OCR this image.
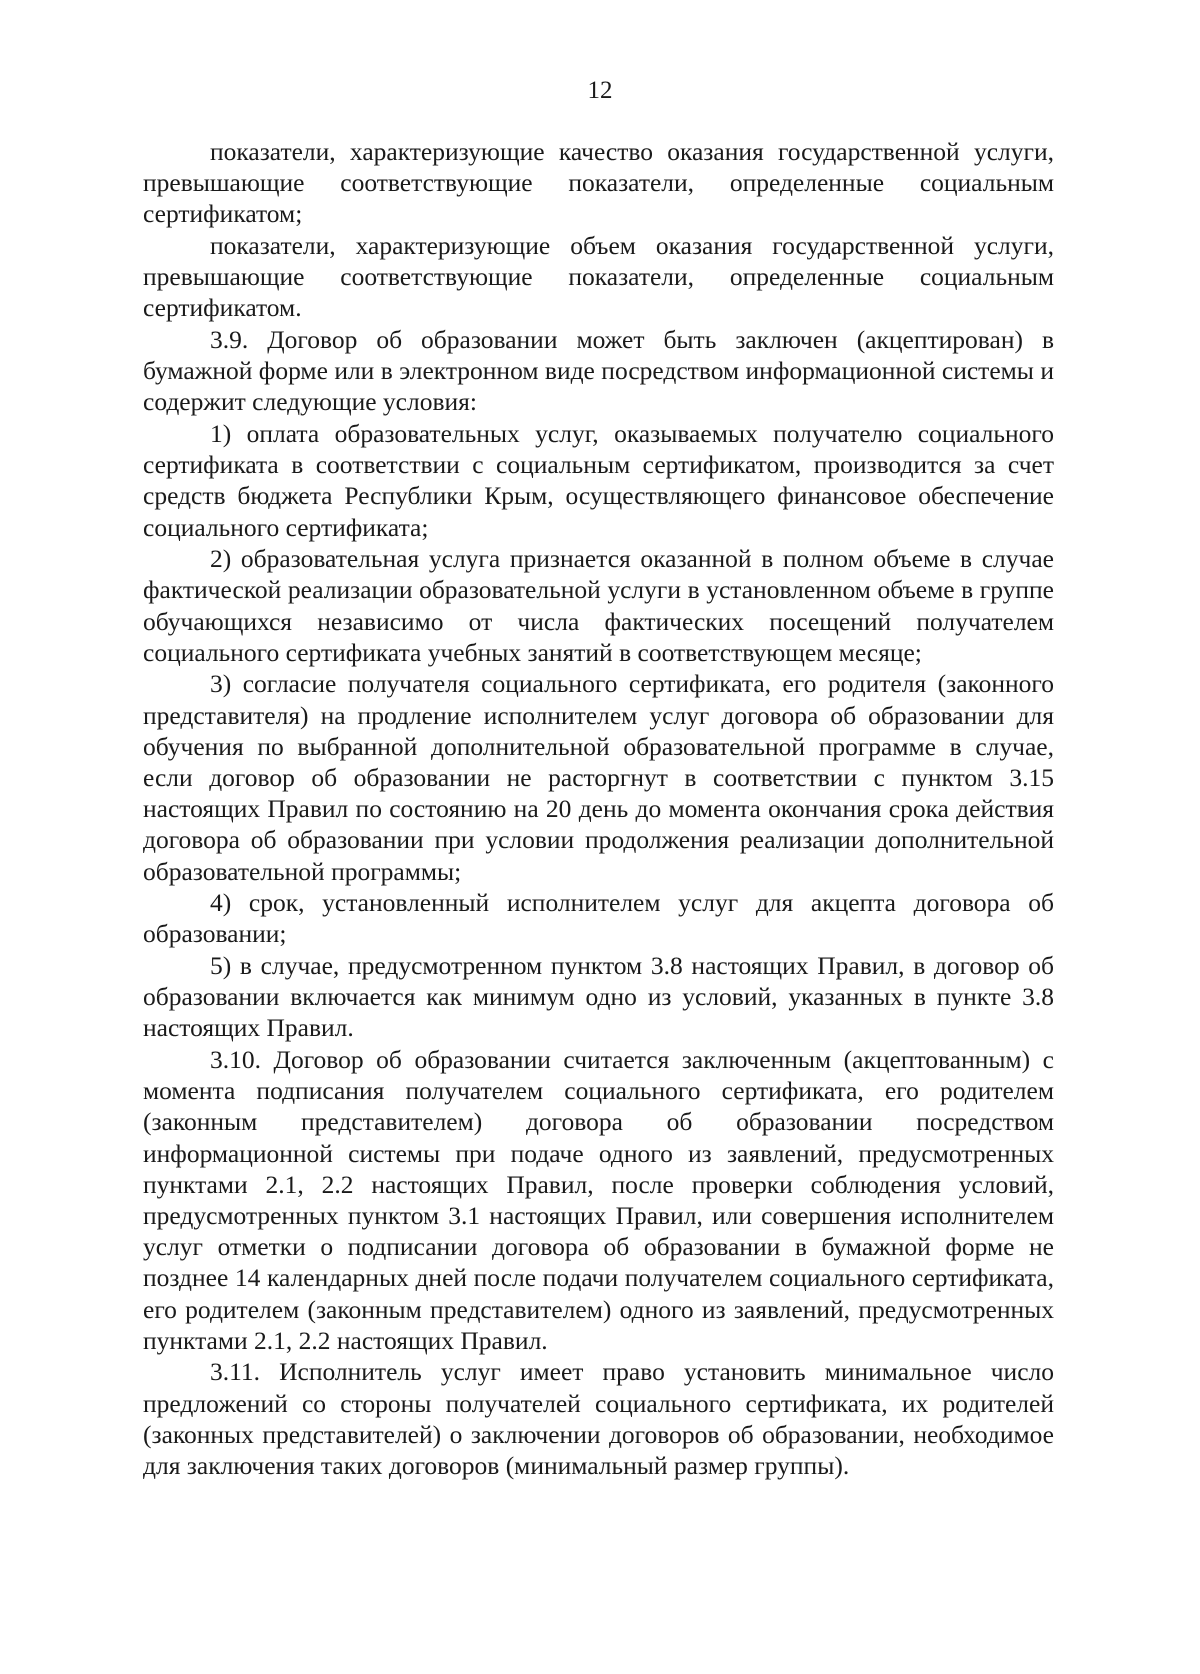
12

показатели, характеризующие качество оказания государственной услуги, превышающие соответствующие показатели, определенные социальным сертификатом;

показатели, характеризующие объем оказания государственной услуги, превышающие соответствующие показатели, определенные социальным сертификатом.

3.9. Договор об образовании может быть заключен (акцептирован) в бумажной форме или в электронном виде посредством информационной системы и содержит следующие условия:

1) оплата образовательных услуг, оказываемых получателю социального сертификата в соответствии с социальным сертификатом, производится за счет средств бюджета Республики Крым, осуществляющего финансовое обеспечение социального сертификата;

2) образовательная услуга признается оказанной в полном объеме в случае фактической реализации образовательной услуги в установленном объеме в группе обучающихся независимо от числа фактических посещений получателем социального сертификата учебных занятий в соответствующем месяце;

3) согласие получателя социального сертификата, его родителя (законного представителя) на продление исполнителем услуг договора об образовании для обучения по выбранной дополнительной образовательной программе в случае, если договор об образовании не расторгнут в соответствии с пунктом 3.15 настоящих Правил по состоянию на 20 день до момента окончания срока действия договора об образовании при условии продолжения реализации дополнительной образовательной программы;

4) срок, установленный исполнителем услуг для акцепта договора об образовании;

5) в случае, предусмотренном пунктом 3.8 настоящих Правил, в договор об образовании включается как минимум одно из условий, указанных в пункте 3.8 настоящих Правил.

3.10. Договор об образовании считается заключенным (акцептованным) с момента подписания получателем социального сертификата, его родителем (законным представителем) договора об образовании посредством информационной системы при подаче одного из заявлений, предусмотренных пунктами 2.1, 2.2 настоящих Правил, после проверки соблюдения условий, предусмотренных пунктом 3.1 настоящих Правил, или совершения исполнителем услуг отметки о подписании договора об образовании в бумажной форме не позднее 14 календарных дней после подачи получателем социального сертификата, его родителем (законным представителем) одного из заявлений, предусмотренных пунктами 2.1, 2.2 настоящих Правил.

3.11. Исполнитель услуг имеет право установить минимальное число предложений со стороны получателей социального сертификата, их родителей (законных представителей) о заключении договоров об образовании, необходимое для заключения таких договоров (минимальный размер группы).
